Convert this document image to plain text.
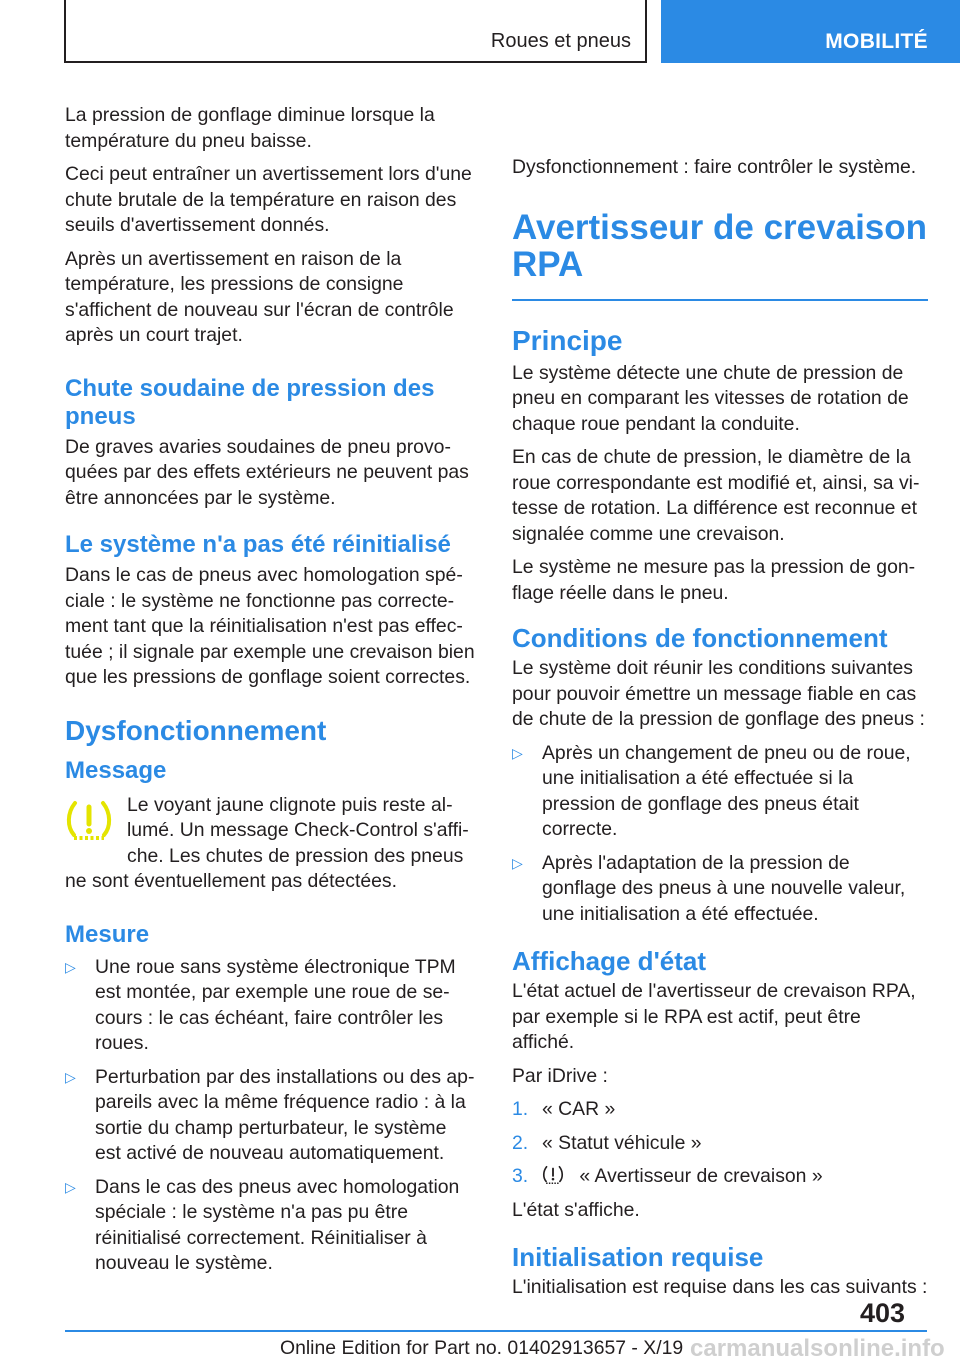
Roues et pneus	MOBILITÉ

La pression de gonflage diminue lorsque la température du pneu baisse.

Ceci peut entraîner un avertissement lors d'une chute brutale de la température en raison des seuils d'avertissement donnés.

Après un avertissement en raison de la température, les pressions de consigne s'affichent de nouveau sur l'écran de contrôle après un court trajet.

Chute soudaine de pression des pneus

De graves avaries soudaines de pneu provoquées par des effets extérieurs ne peuvent pas être annoncées par le système.

Le système n'a pas été réinitialisé

Dans le cas de pneus avec homologation spéciale : le système ne fonctionne pas correctement tant que la réinitialisation n'est pas effectuée ; il signale par exemple une crevaison bien que les pressions de gonflage soient correctes.

Dysfonctionnement
Message

Le voyant jaune clignote puis reste allumé. Un message Check-Control s'affiche. Les chutes de pression des pneus ne sont éventuellement pas détectées.

Mesure
▷ Une roue sans système électronique TPM est montée, par exemple une roue de secours : le cas échéant, faire contrôler les roues.
▷ Perturbation par des installations ou des appareils avec la même fréquence radio : à la sortie du champ perturbateur, le système est activé de nouveau automatiquement.
▷ Dans le cas des pneus avec homologation spéciale : le système n'a pas pu être réinitialisé correctement. Réinitialiser à nouveau le système.

Dysfonctionnement : faire contrôler le système.

Avertisseur de crevaison RPA
Principe

Le système détecte une chute de pression de pneu en comparant les vitesses de rotation de chaque roue pendant la conduite.

En cas de chute de pression, le diamètre de la roue correspondante est modifié et, ainsi, sa vitesse de rotation. La différence est reconnue et signalée comme une crevaison.

Le système ne mesure pas la pression de gonflage réelle dans le pneu.

Conditions de fonctionnement

Le système doit réunir les conditions suivantes pour pouvoir émettre un message fiable en cas de chute de la pression de gonflage des pneus :

▷ Après un changement de pneu ou de roue, une initialisation a été effectuée si la pression de gonflage des pneus était correcte.
▷ Après l'adaptation de la pression de gonflage des pneus à une nouvelle valeur, une initialisation a été effectuée.
Affichage d'état

L'état actuel de l'avertisseur de crevaison RPA, par exemple si le RPA est actif, peut être affiché.

Par iDrive :

1. « CAR »
2. « Statut véhicule »
3.	« Avertisseur de crevaison »

L'état s'affiche.

Initialisation requise

L'initialisation est requise dans les cas suivants :

403
carmanualsonline.info
Online Edition for Part no. 01402913657 - X/19
